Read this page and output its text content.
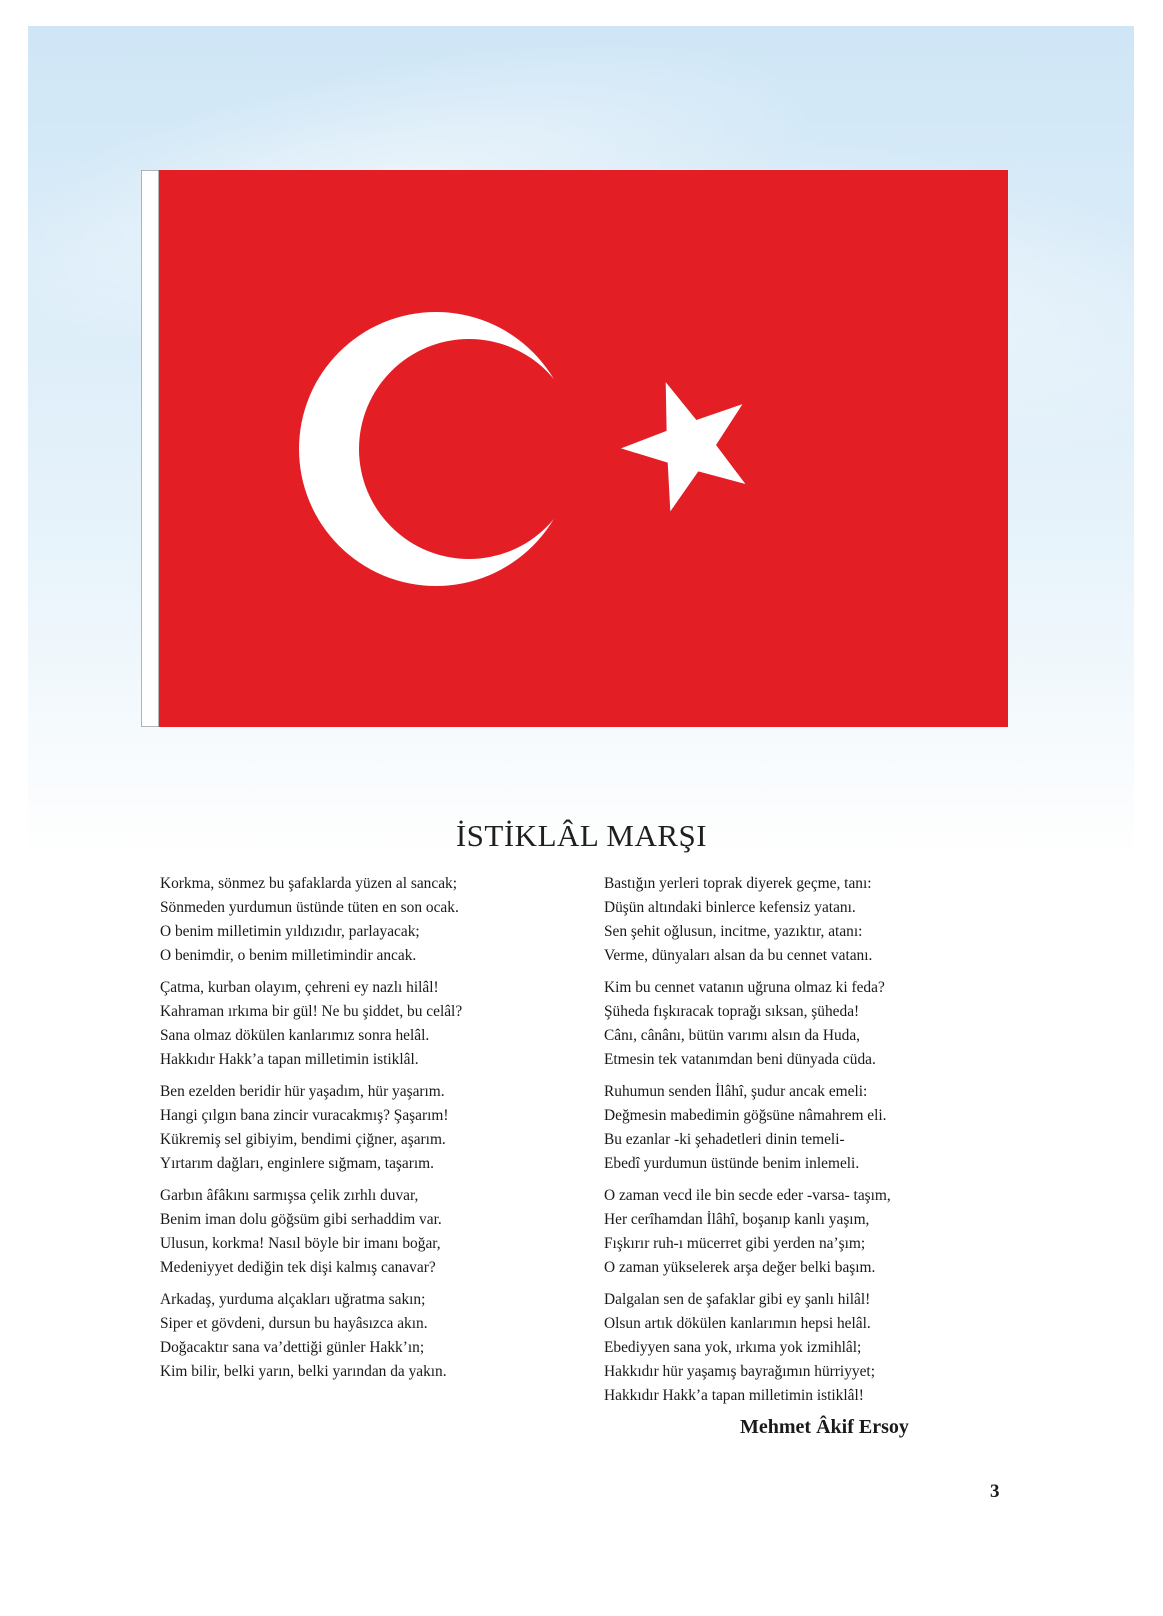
İSTİKLÂL MARŞI
Korkma, sönmez bu şafaklarda yüzen al sancak;
Sönmeden yurdumun üstünde tüten en son ocak.
O benim milletimin yıldızıdır, parlayacak;
O benimdir, o benim milletimindir ancak.
Çatma, kurban olayım, çehreni ey nazlı hilâl!
Kahraman ırkıma bir gül! Ne bu şiddet, bu celâl?
Sana olmaz dökülen kanlarımız sonra helâl.
Hakkıdır Hakk’a tapan milletimin istiklâl.
Ben ezelden beridir hür yaşadım, hür yaşarım.
Hangi çılgın bana zincir vuracakmış? Şaşarım!
Kükremiş sel gibiyim, bendimi çiğner, aşarım.
Yırtarım dağları, enginlere sığmam, taşarım.
Garbın âfâkını sarmışsa çelik zırhlı duvar,
Benim iman dolu göğsüm gibi serhaddim var.
Ulusun, korkma! Nasıl böyle bir imanı boğar,
Medeniyyet dediğin tek dişi kalmış canavar?
Arkadaş, yurduma alçakları uğratma sakın;
Siper et gövdeni, dursun bu hayâsızca akın.
Doğacaktır sana va’dettiği günler Hakk’ın;
Kim bilir, belki yarın, belki yarından da yakın.
Bastığın yerleri toprak diyerek geçme, tanı:
Düşün altındaki binlerce kefensiz yatanı.
Sen şehit oğlusun, incitme, yazıktır, atanı:
Verme, dünyaları alsan da bu cennet vatanı.
Kim bu cennet vatanın uğruna olmaz ki feda?
Şüheda fışkıracak toprağı sıksan, şüheda!
Cânı, cânânı, bütün varımı alsın da Huda,
Etmesin tek vatanımdan beni dünyada cüda.
Ruhumun senden İlâhî, şudur ancak emeli:
Değmesin mabedimin göğsüne nâmahrem eli.
Bu ezanlar -ki şehadetleri dinin temeli-
Ebedî yurdumun üstünde benim inlemeli.
O zaman vecd ile bin secde eder -varsa- taşım,
Her cerîhamdan İlâhî, boşanıp kanlı yaşım,
Fışkırır ruh-ı mücerret gibi yerden na’şım;
O zaman yükselerek arşa değer belki başım.
Dalgalan sen de şafaklar gibi ey şanlı hilâl!
Olsun artık dökülen kanlarımın hepsi helâl.
Ebediyyen sana yok, ırkıma yok izmihlâl;
Hakkıdır hür yaşamış bayrağımın hürriyyet;
Hakkıdır Hakk’a tapan milletimin istiklâl!

Mehmet Âkif Ersoy

3
